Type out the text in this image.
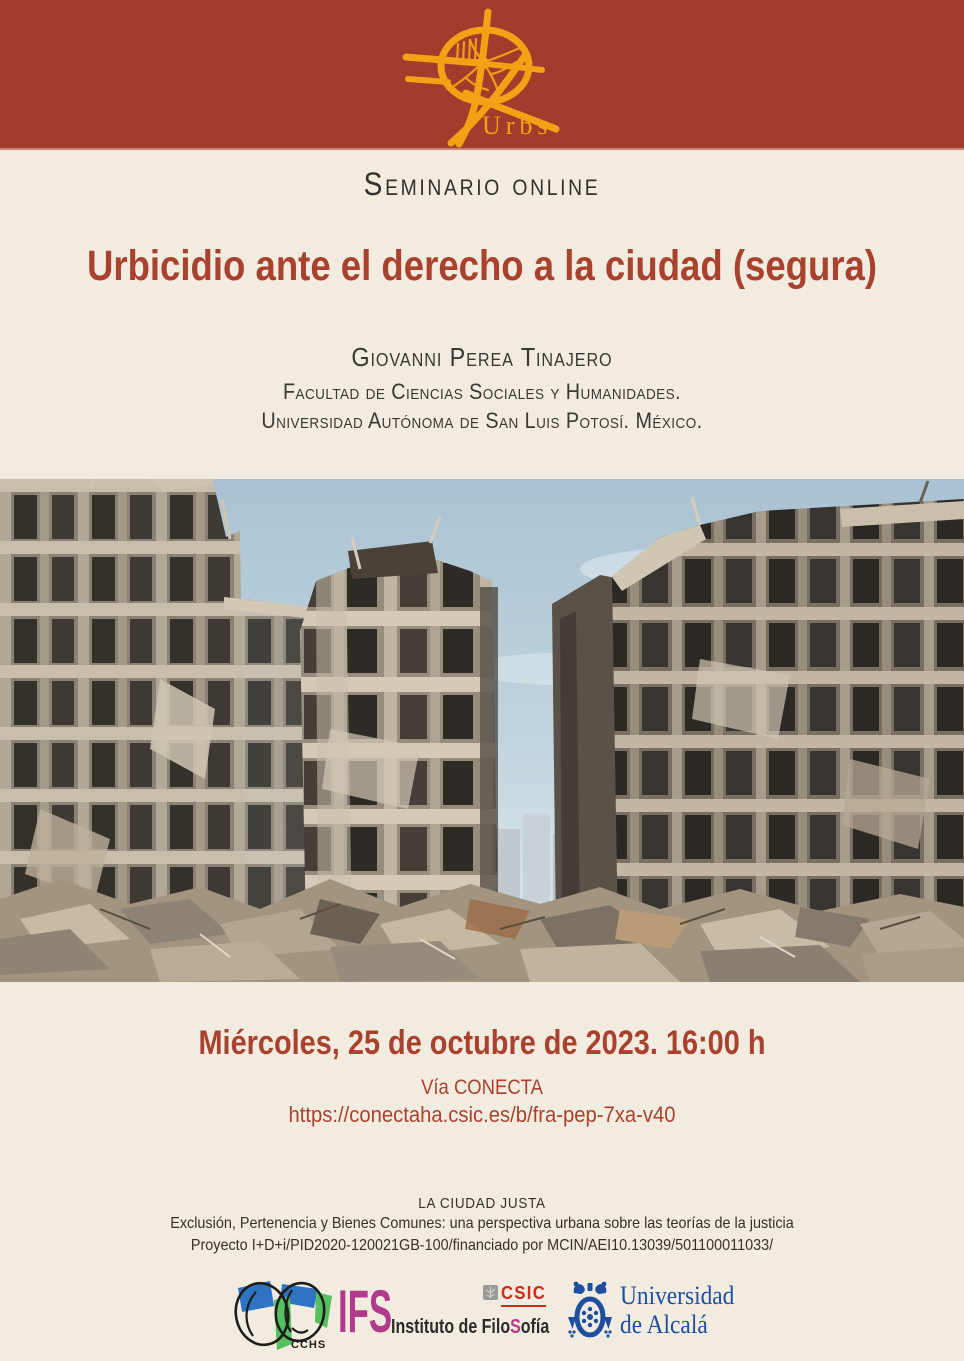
Urbs
Seminario online
Urbicidio ante el derecho a la ciudad (segura)
Giovanni Perea Tinajero
Facultad de Ciencias Sociales y Humanidades.
Universidad Autónoma de San Luis Potosí. México.
Miércoles, 25 de octubre de 2023. 16:00 h
Vía CONECTA
https://conectaha.csic.es/b/fra-pep-7xa-v40
LA CIUDAD JUSTA
Exclusión, Pertenencia y Bienes Comunes: una perspectiva urbana sobre las teorías de la justicia
Proyecto I+D+i/PID2020-120021GB-100/financiado por MCIN/AEI10.13039/501100011033/
CCHS IFS
Instituto de FiloSofía
CSIC	Universidad
de Alcalá
